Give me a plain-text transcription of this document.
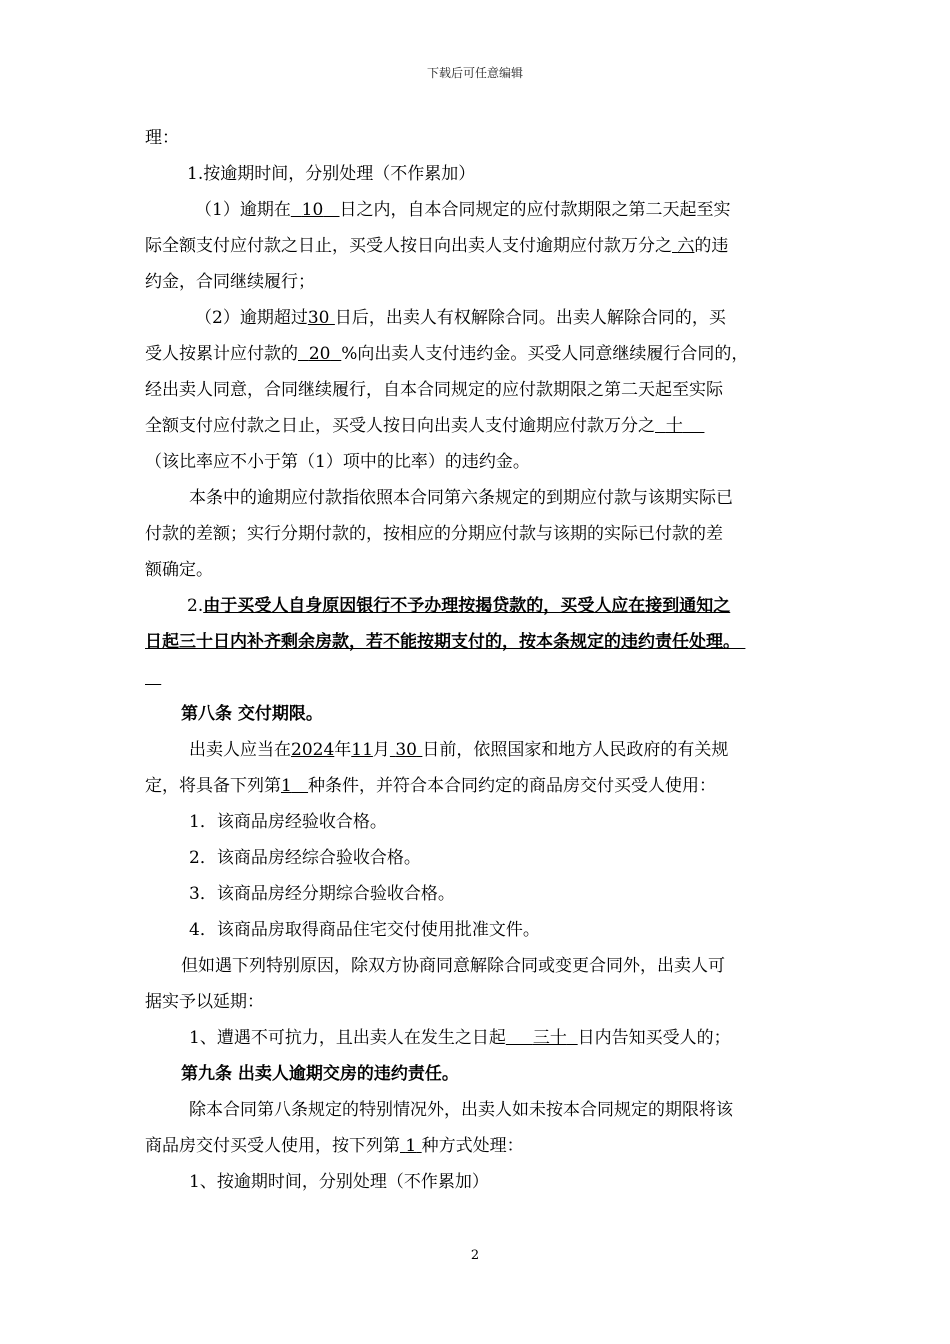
下载后可任意编辑
理：
1.按逾期时间，分别处理（不作累加）
（1）逾期在 10 日之内，自本合同规定的应付款期限之第二天起至实
际全额支付应付款之日止，买受人按日向出卖人支付逾期应付款万分之 六的违
约金，合同继续履行；
（2）逾期超过30 日后，出卖人有权解除合同。出卖人解除合同的，买
受人按累计应付款的 20 %向出卖人支付违约金。买受人同意继续履行合同的，
经出卖人同意，合同继续履行，自本合同规定的应付款期限之第二天起至实际
全额支付应付款之日止，买受人按日向出卖人支付逾期应付款万分之 十
（该比率应不小于第（1）项中的比率）的违约金。
本条中的逾期应付款指依照本合同第六条规定的到期应付款与该期实际已
付款的差额；实行分期付款的，按相应的分期应付款与该期的实际已付款的差
额确定。
2.由于买受人自身原因银行不予办理按揭贷款的，买受人应在接到通知之
日起三十日内补齐剩余房款，若不能按期支付的，按本条规定的违约责任处理。

第八条 交付期限。
出卖人应当在2024年11月 30 日前，依照国家和地方人民政府的有关规
定，将具备下列第1 种条件，并符合本合同约定的商品房交付买受人使用：
1．该商品房经验收合格。
2．该商品房经综合验收合格。
3．该商品房经分期综合验收合格。
4．该商品房取得商品住宅交付使用批准文件。
但如遇下列特别原因，除双方协商同意解除合同或变更合同外，出卖人可
据实予以延期：
1、遭遇不可抗力，且出卖人在发生之日起 三十 日内告知买受人的；
第九条 出卖人逾期交房的违约责任。
除本合同第八条规定的特别情况外，出卖人如未按本合同规定的期限将该
商品房交付买受人使用，按下列第 1 种方式处理：
1、按逾期时间，分别处理（不作累加）
2
